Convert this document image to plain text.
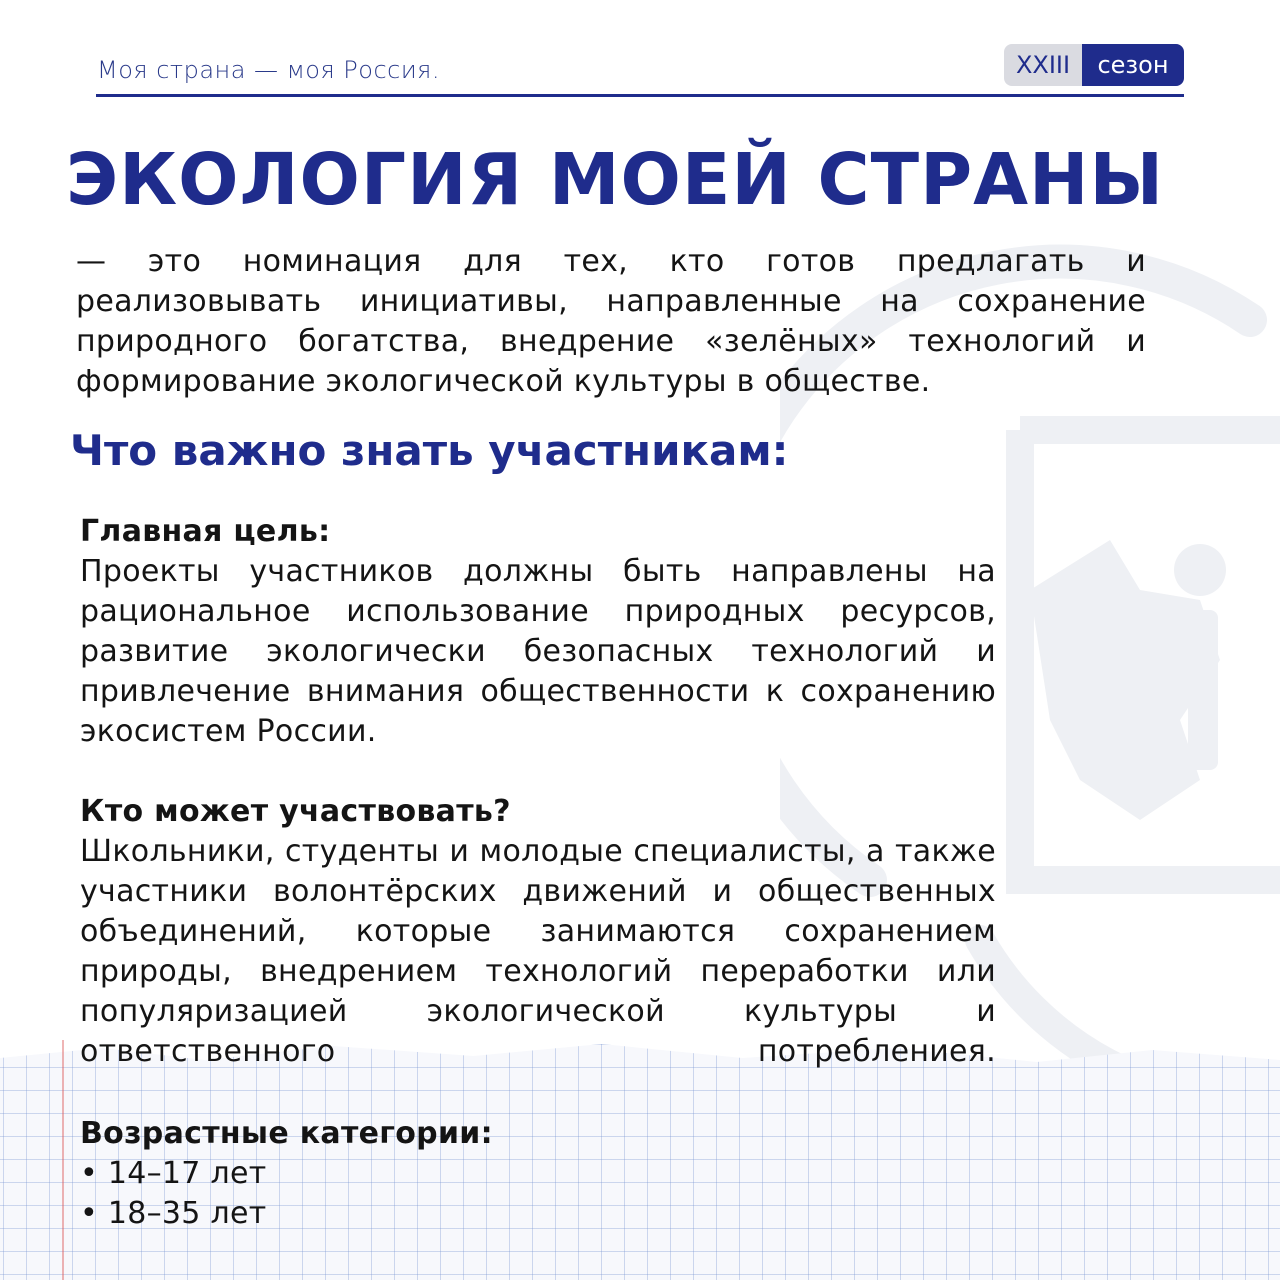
Моя страна — моя Россия.	XXIII	сезон
ЭКОЛОГИЯ МОЕЙ СТРАНЫ
— это номинация для тех, кто готов предлагать и реализовывать инициативы, направленные на сохранение природного богатства, внедрение «зелёных» технологий и формирование экологической культуры в обществе.
Что важно знать участникам:
Главная цель:
Проекты участников должны быть направлены на рациональное использование природных ресурсов, развитие экологически безопасных технологий и привлечение внимания общественности к сохранению экосистем России.
Кто может участвовать?
Школьники, студенты и молодые специалисты, а также участники волонтёрских движений и общественных объединений, которые занимаются сохранением природы, внедрением технологий переработки или популяризацией экологической культуры и ответственного потреблениея.
Возрастные категории:
• 14–17 лет
• 18–35 лет
